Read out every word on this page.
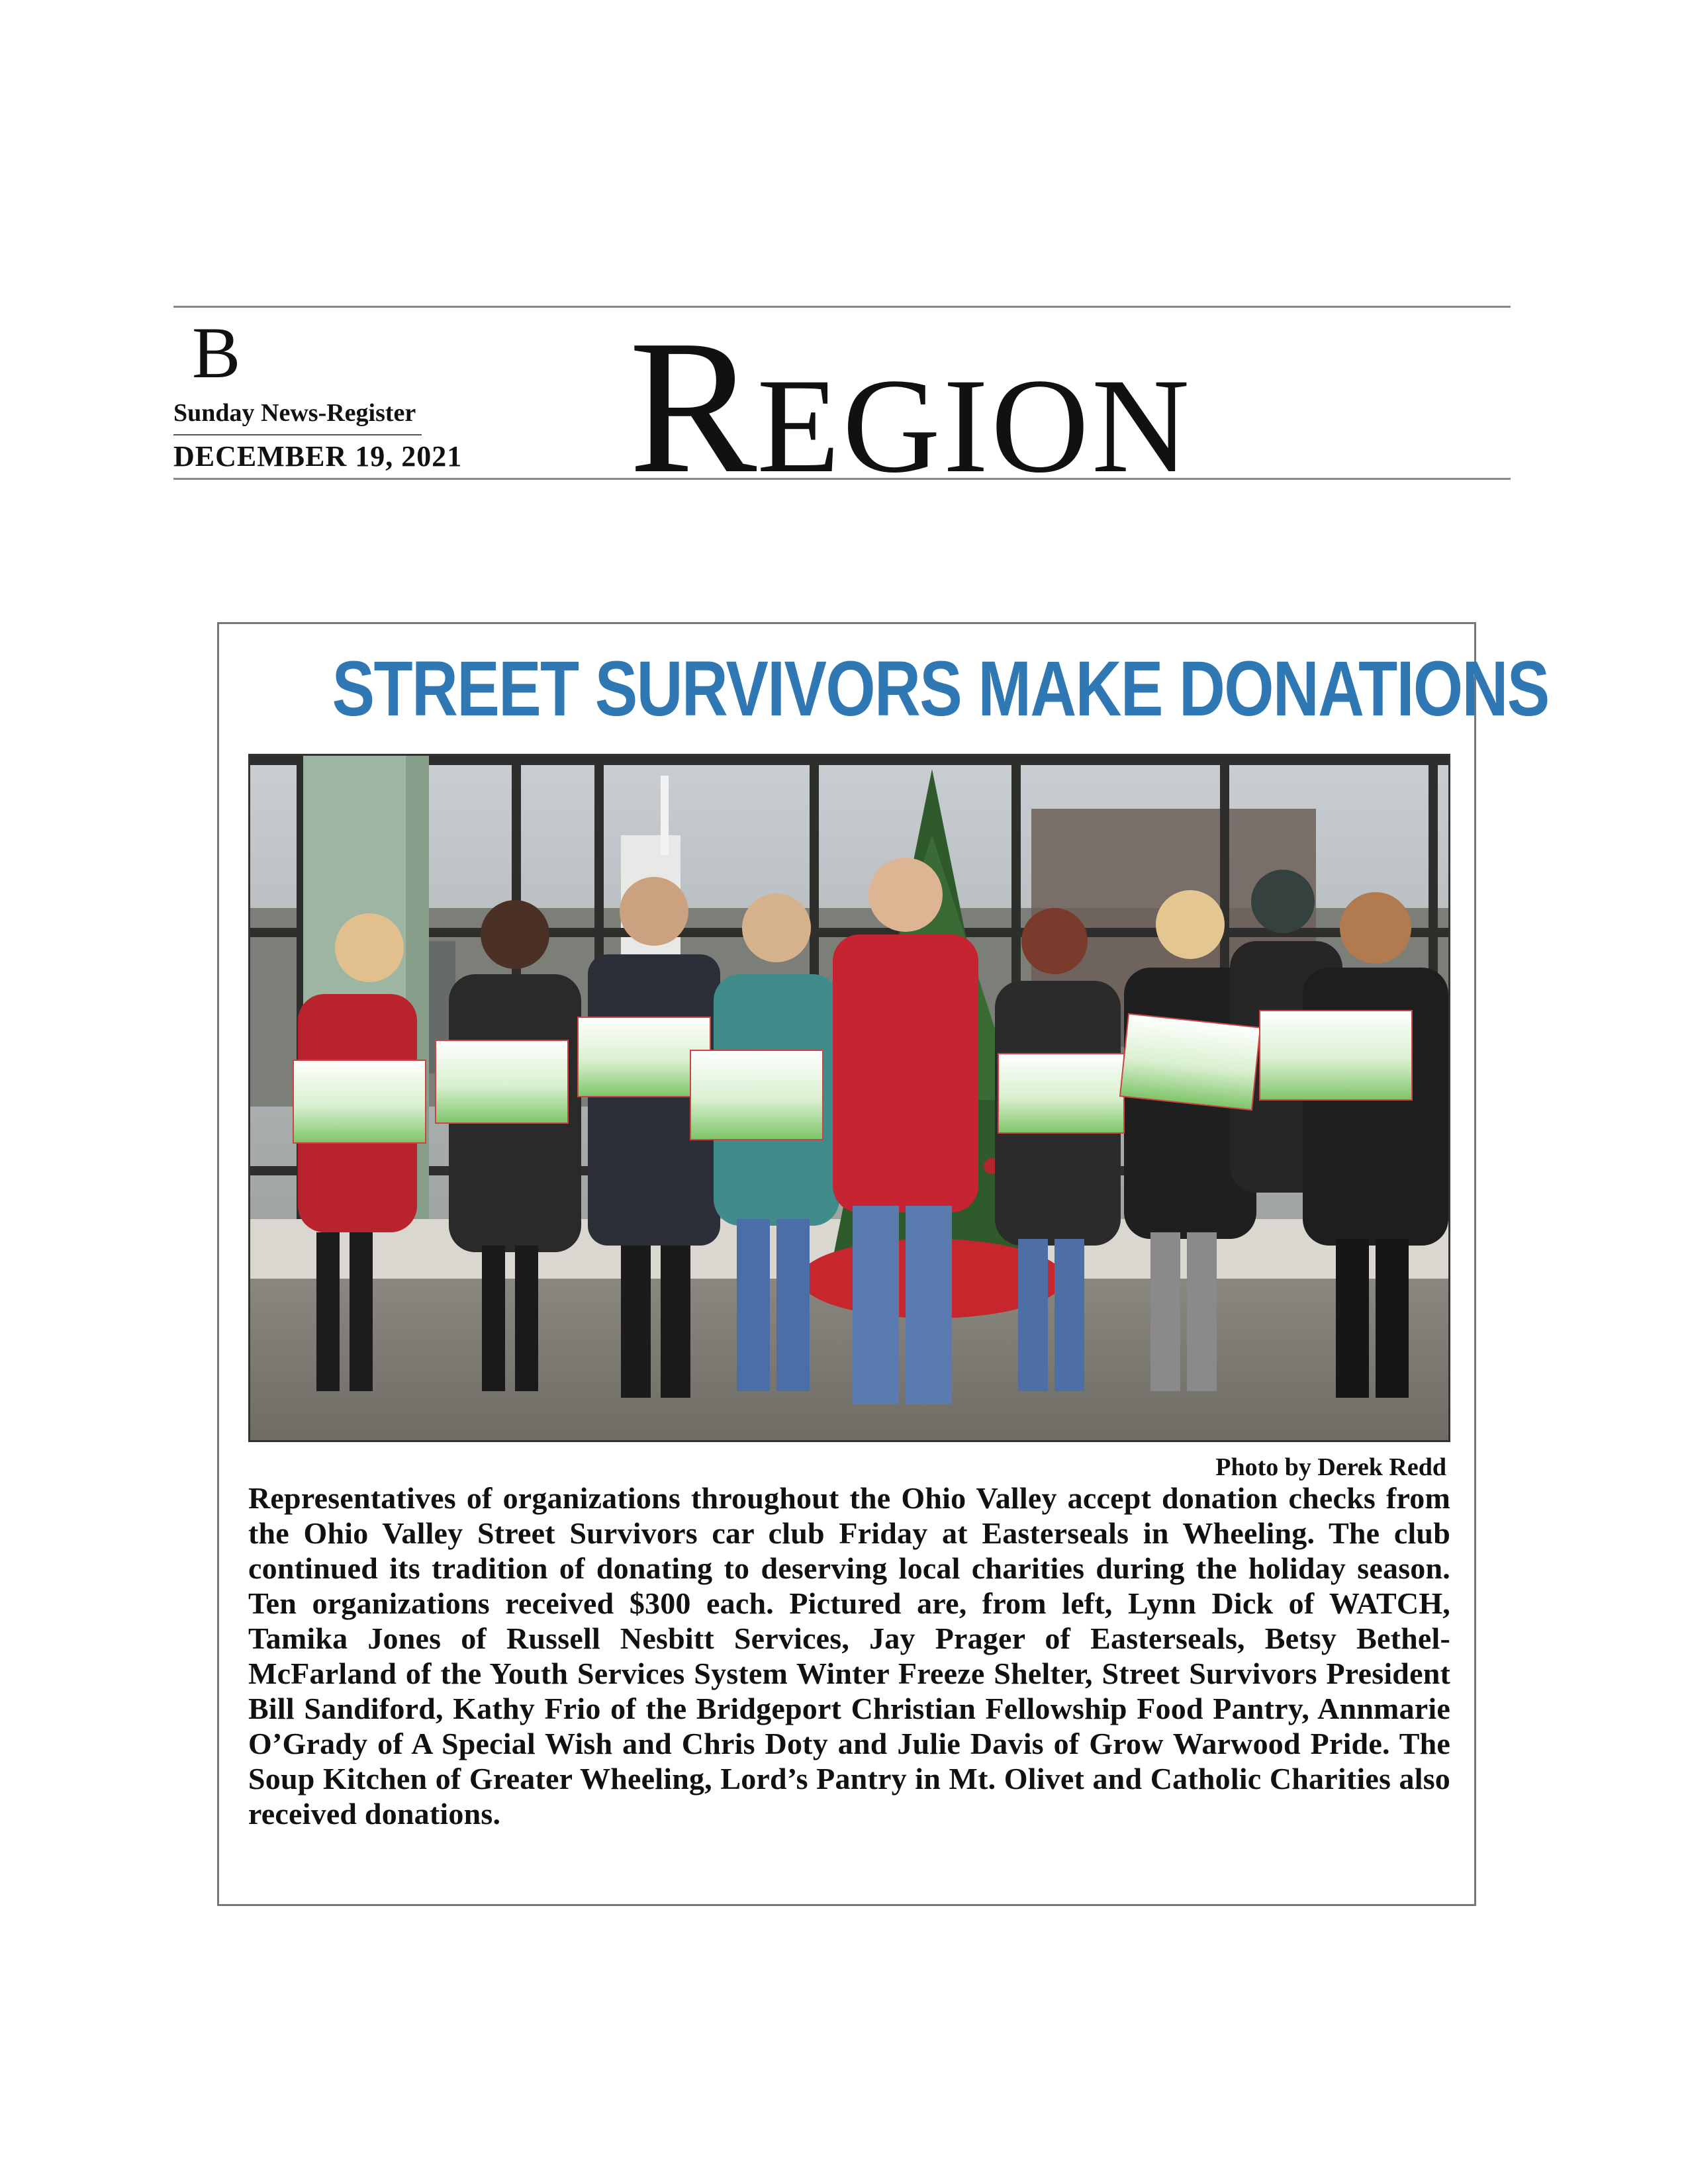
B
Sunday News-Register
DECEMBER 19, 2021 REGION
STREET SURVIVORS MAKE DONATIONS
Photo by Derek Redd

Representatives of organizations throughout the Ohio Valley accept donation checks from the Ohio Valley Street Survivors car club Friday at Easterseals in Wheeling. The club continued its tradition of donating to deserving local charities during the holiday season. Ten organizations received $300 each. Pictured are, from left, Lynn Dick of WATCH, Tamika Jones of Russell Nesbitt Services, Jay Prager of Easterseals, Betsy Bethel-McFarland of the Youth Services System Winter Freeze Shelter, Street Survivors President Bill Sandiford, Kathy Frio of the Bridgeport Christian Fellowship Food Pantry, Annmarie O’Grady of A Special Wish and Chris Doty and Julie Davis of Grow Warwood Pride. The Soup Kitchen of Greater Wheeling, Lord’s Pantry in Mt. Olivet and Catholic Charities also received donations.
